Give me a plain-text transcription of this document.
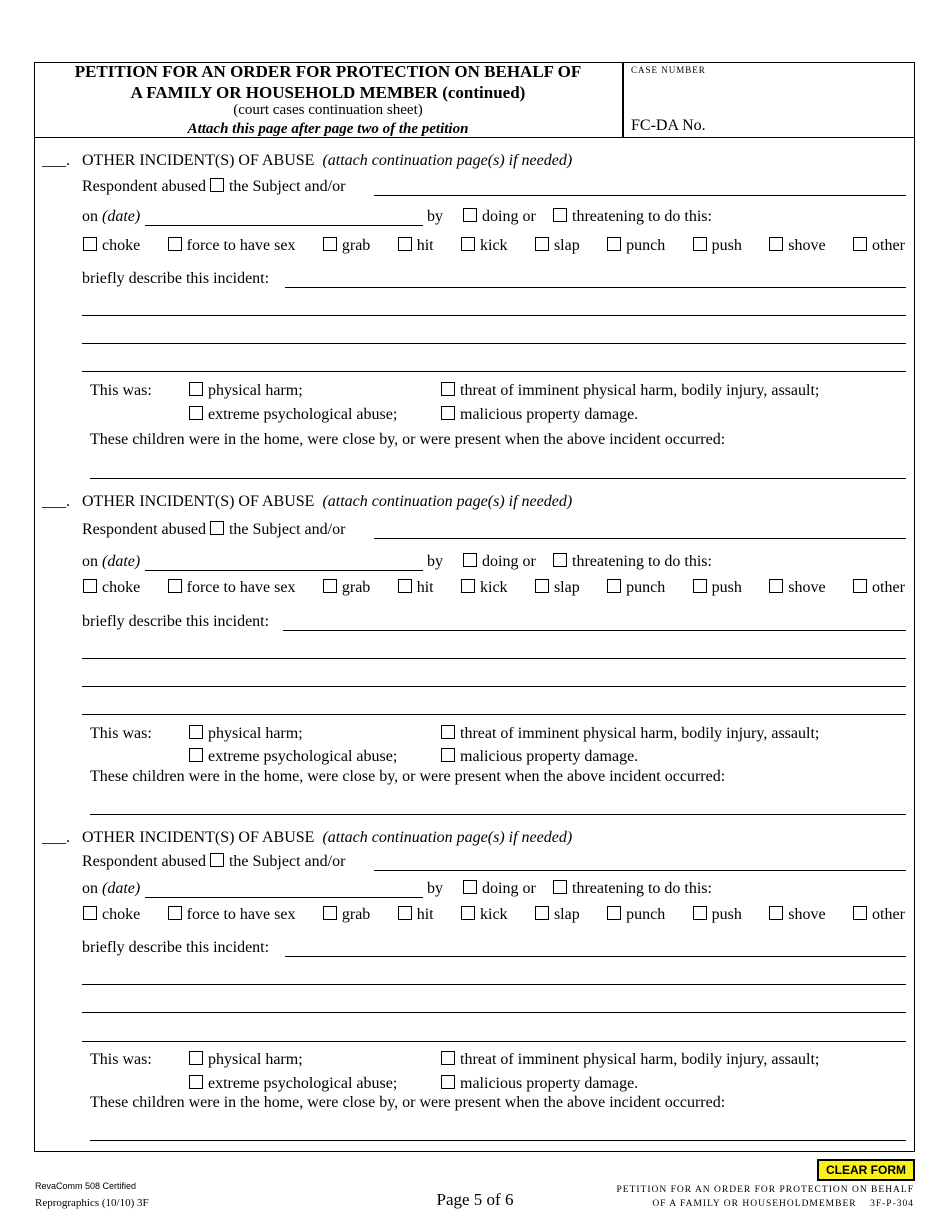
PETITION FOR AN ORDER FOR PROTECTION ON BEHALF OF
A FAMILY OR HOUSEHOLD MEMBER (continued)
(court cases continuation sheet)
Attach this page after page two of the petition
CASE NUMBER
FC-DA No.
___. OTHER INCIDENT(S) OF ABUSE (attach continuation page(s) if needed)
Respondent abused the Subject and/or
on (date)	by	doing or	threatening to do this:
choke	force to have sex	grab	hit	kick	slap	punch	push	shove	other
briefly describe this incident:
This was:	physical harm;	threat of imminent physical harm, bodily injury, assault;
extreme psychological abuse;	malicious property damage.
These children were in the home, were close by, or were present when the above incident occurred:
___. OTHER INCIDENT(S) OF ABUSE (attach continuation page(s) if needed)
Respondent abused the Subject and/or
on (date)	by	doing or	threatening to do this:
choke	force to have sex	grab	hit	kick	slap	punch	push	shove	other
briefly describe this incident:
This was:	physical harm;	threat of imminent physical harm, bodily injury, assault;
extreme psychological abuse;	malicious property damage.
These children were in the home, were close by, or were present when the above incident occurred:
___. OTHER INCIDENT(S) OF ABUSE (attach continuation page(s) if needed)
Respondent abused the Subject and/or
on (date)	by	doing or	threatening to do this:
choke	force to have sex	grab	hit	kick	slap	punch	push	shove	other
briefly describe this incident:
This was:	physical harm;	threat of imminent physical harm, bodily injury, assault;
extreme psychological abuse;	malicious property damage.
These children were in the home, were close by, or were present when the above incident occurred:
CLEAR FORM
RevaComm 508 Certified
Reprographics (10/10) 3F	Page 5 of 6	PETITION FOR AN ORDER FOR PROTECTION ON BEHALF
OF A FAMILY OR HOUSEHOLDMEMBER    3F-P-304
